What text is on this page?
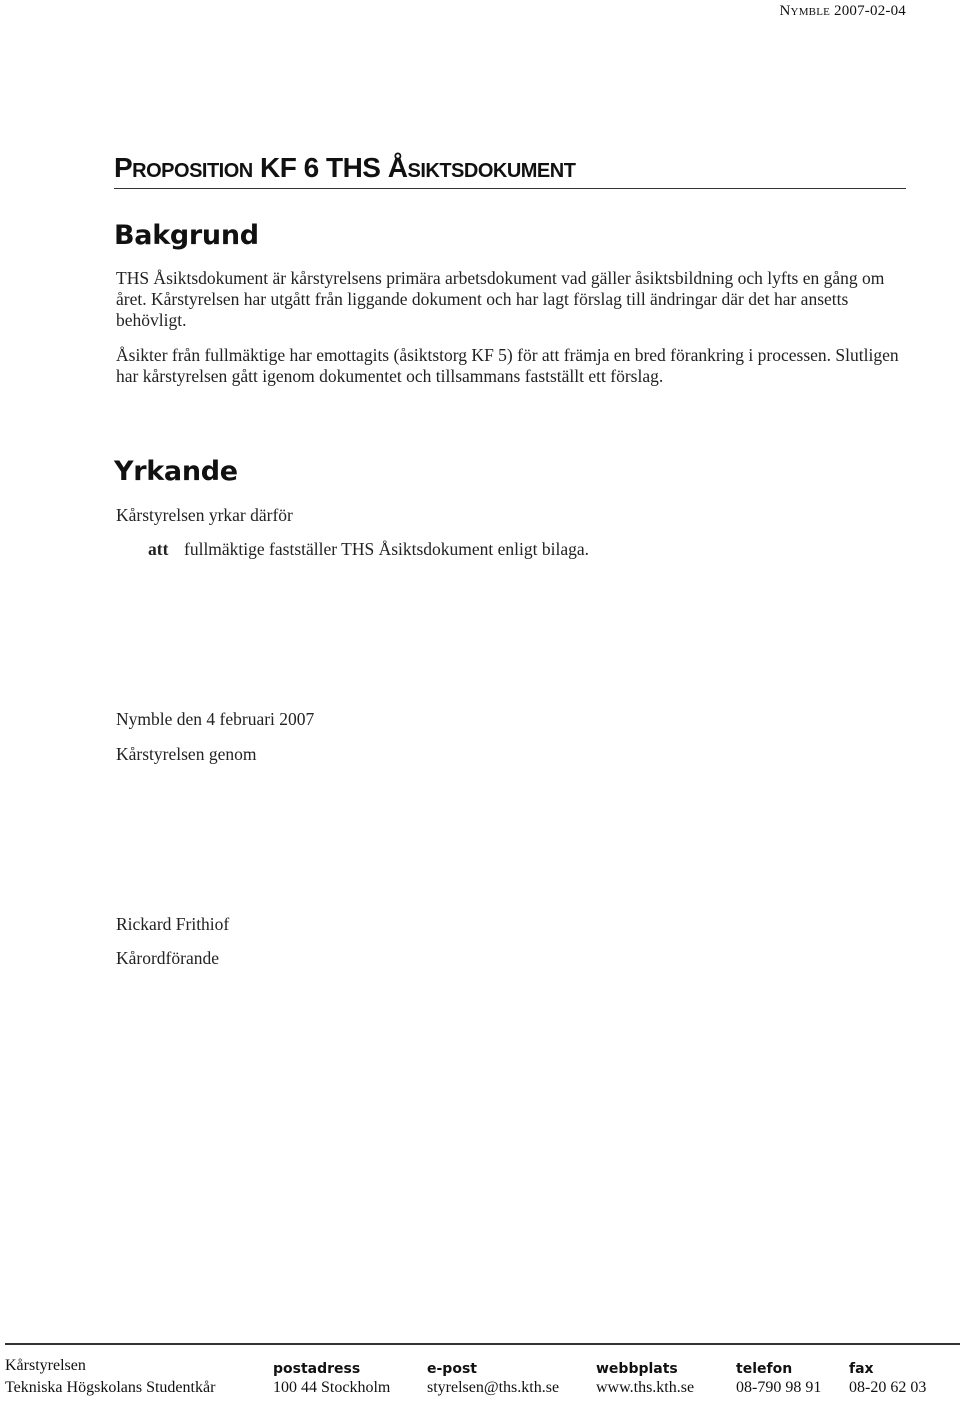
Nymble 2007-02-04
Proposition KF 6 THS Åsiktsdokument
Bakgrund

THS Åsiktsdokument är kårstyrelsens primära arbetsdokument vad gäller åsiktsbildning och lyfts en gång om året. Kårstyrelsen har utgått från liggande dokument och har lagt förslag till ändringar där det har ansetts behövligt.

Åsikter från fullmäktige har emottagits (åsiktstorg KF 5) för att främja en bred förankring i processen. Slutligen har kårstyrelsen gått igenom dokumentet och tillsammans fastställt ett förslag.

Yrkande

Kårstyrelsen yrkar därför

att fullmäktige fastställer THS Åsiktsdokument enligt bilaga.

Nymble den 4 februari 2007

Kårstyrelsen genom

Rickard Frithiof

Kårordförande

Kårstyrelsen
Tekniska Högskolans Studentkår
postadress
100 44 Stockholm
e-post
styrelsen@ths.kth.se
webbplats
www.ths.kth.se
telefon
08-790 98 91
fax
08-20 62 03
